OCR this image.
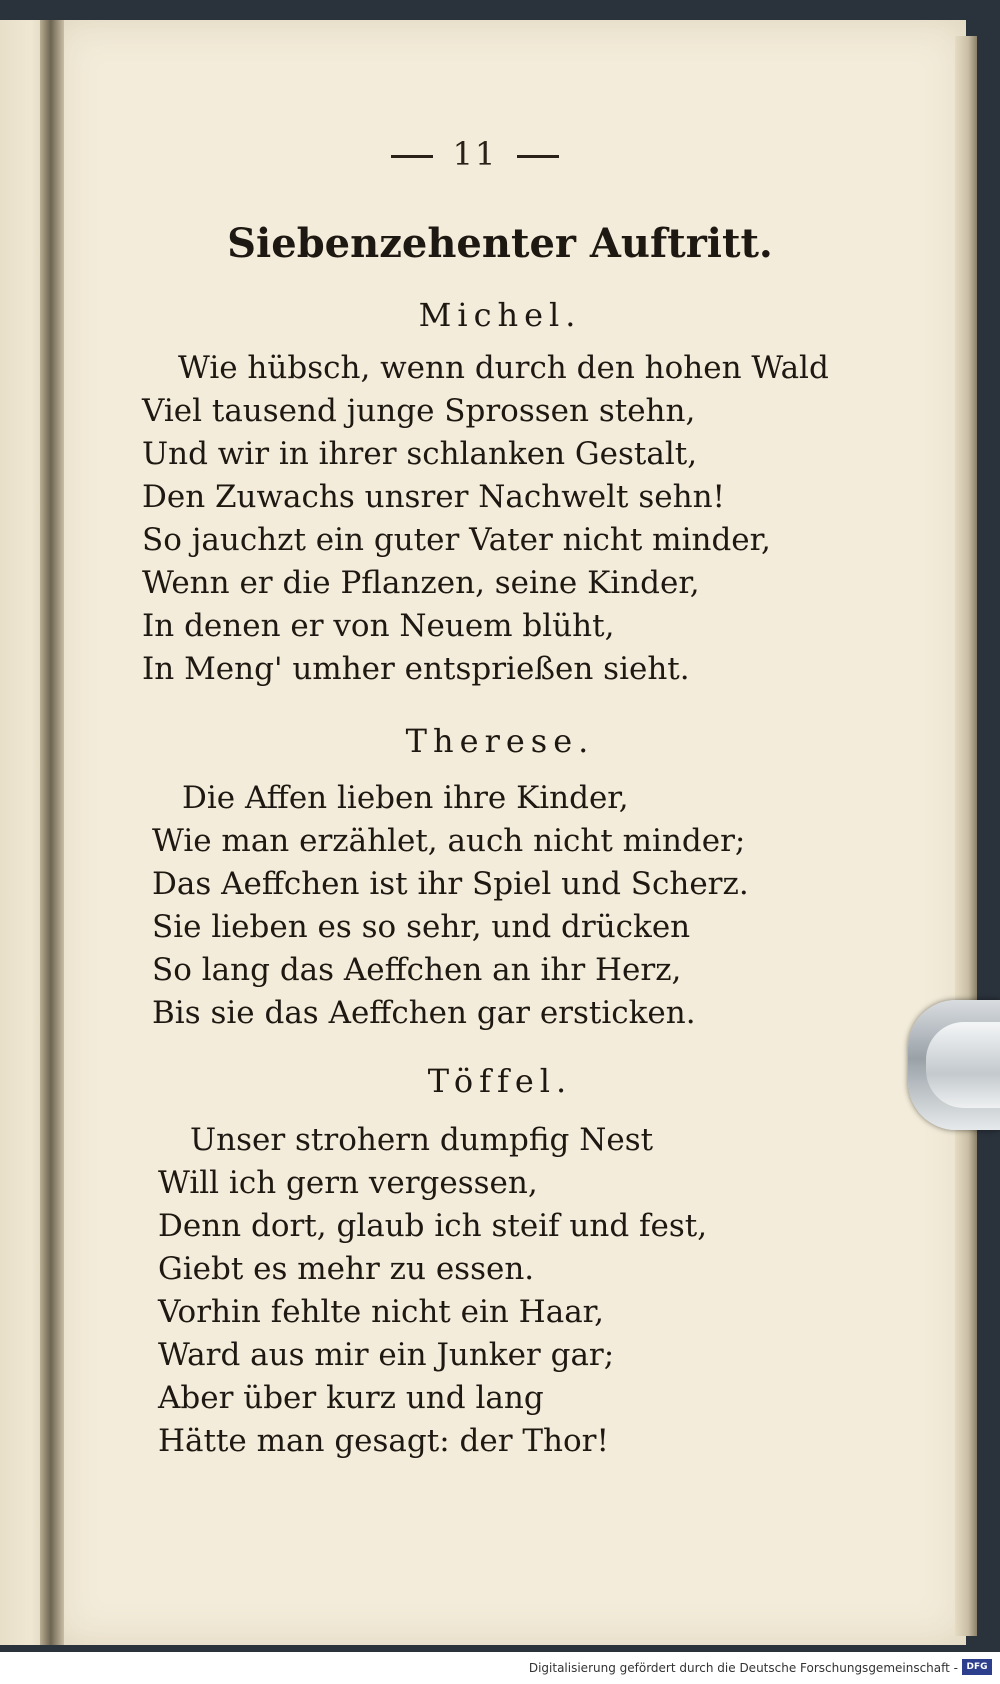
11
Siebenzehenter Auftritt.
Michel.
Wie hübsch, wenn durch den hohen Wald
Viel tausend junge Sprossen stehn,
Und wir in ihrer schlanken Gestalt,
Den Zuwachs unsrer Nachwelt sehn!
So jauchzt ein guter Vater nicht minder,
Wenn er die Pflanzen, seine Kinder,
In denen er von Neuem blüht,
In Meng' umher entsprießen sieht.
Therese.
Die Affen lieben ihre Kinder,
Wie man erzählet, auch nicht minder;
Das Aeffchen ist ihr Spiel und Scherz.
Sie lieben es so sehr, und drücken
So lang das Aeffchen an ihr Herz,
Bis sie das Aeffchen gar ersticken.
Töffel.
Unser strohern dumpfig Nest
Will ich gern vergessen,
Denn dort, glaub ich steif und fest,
Giebt es mehr zu essen.
Vorhin fehlte nicht ein Haar,
Ward aus mir ein Junker gar;
Aber über kurz und lang
Hätte man gesagt: der Thor!
Digitalisierung gefördert durch die Deutsche Forschungsgemeinschaft - DFG
